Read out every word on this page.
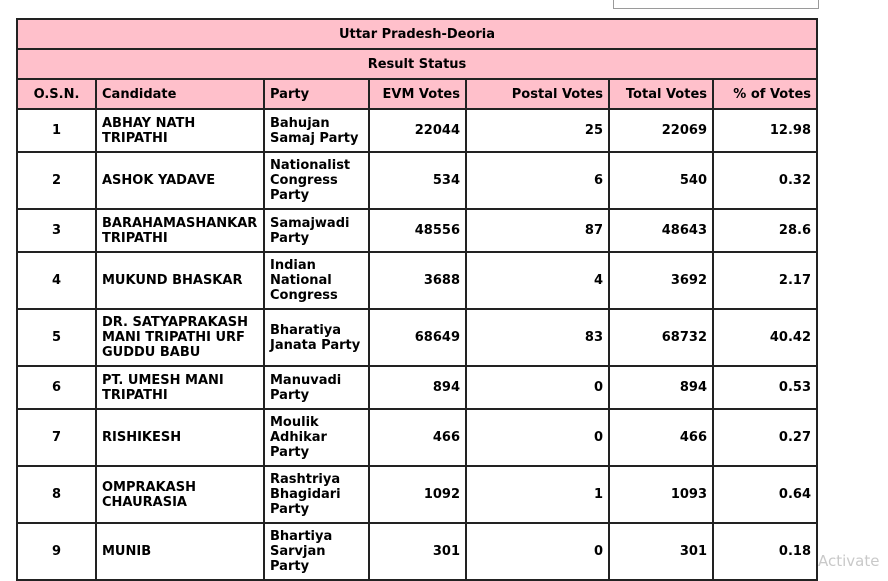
Uttar Pradesh-Deoria						
Result Status						
O.S.N.	Candidate	Party	EVM Votes	Postal Votes	Total Votes	% of Votes
1	ABHAY NATH TRIPATHI	Bahujan Samaj Party	22044	25	22069	12.98
2	ASHOK YADAVE	Nationalist Congress Party	534	6	540	0.32
3	BARAHAMASHANKAR TRIPATHI	Samajwadi Party	48556	87	48643	28.6
4	MUKUND BHASKAR	Indian National Congress	3688	4	3692	2.17
5	DR. SATYAPRAKASH MANI TRIPATHI URF GUDDU BABU	Bharatiya Janata Party	68649	83	68732	40.42
6	PT. UMESH MANI TRIPATHI	Manuvadi Party	894	0	894	0.53
7	RISHIKESH	Moulik Adhikar Party	466	0	466	0.27
8	OMPRAKASH CHAURASIA	Rashtriya Bhagidari Party	1092	1	1093	0.64
9	MUNIB	Bhartiya Sarvjan Party	301	0	301	0.18
Activate
